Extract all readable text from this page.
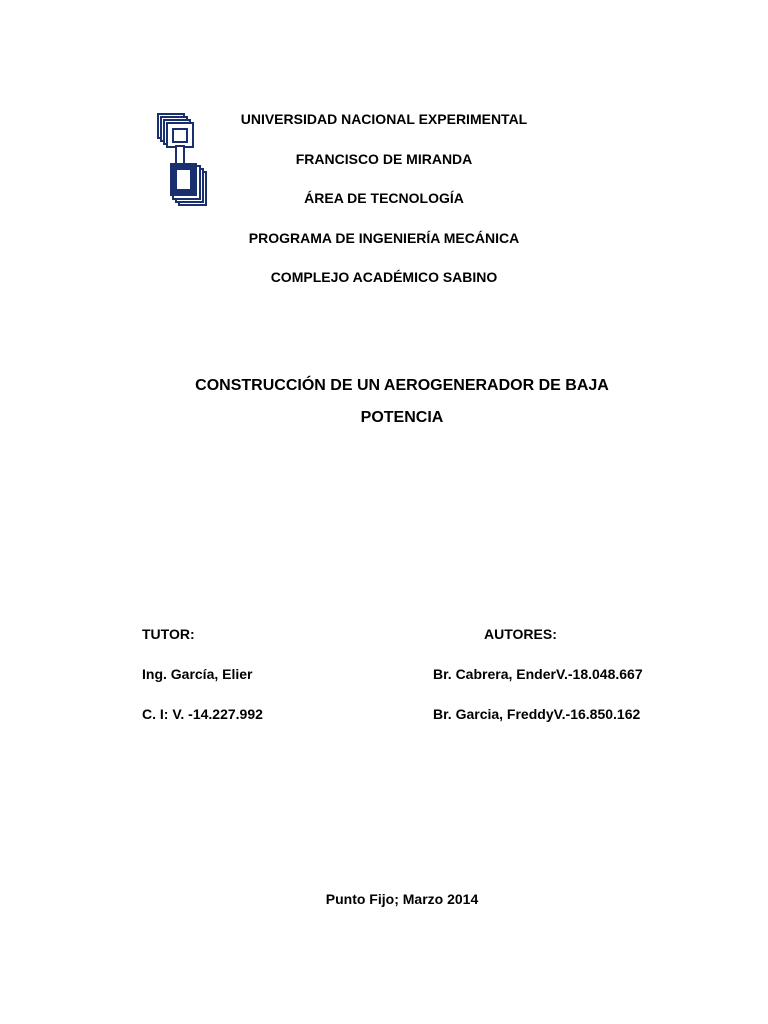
UNIVERSIDAD NACIONAL EXPERIMENTAL
FRANCISCO DE MIRANDA
ÁREA DE TECNOLOGÍA
PROGRAMA DE INGENIERÍA MECÁNICA
COMPLEJO ACADÉMICO SABINO
CONSTRUCCIÓN DE UN AEROGENERADOR DE BAJA
POTENCIA
TUTOR:	AUTORES:
Ing. García, Elier	Br. Cabrera, EnderV.-18.048.667
C. I: V. -14.227.992	Br. Garcia, FreddyV.-16.850.162
Punto Fijo; Marzo 2014
